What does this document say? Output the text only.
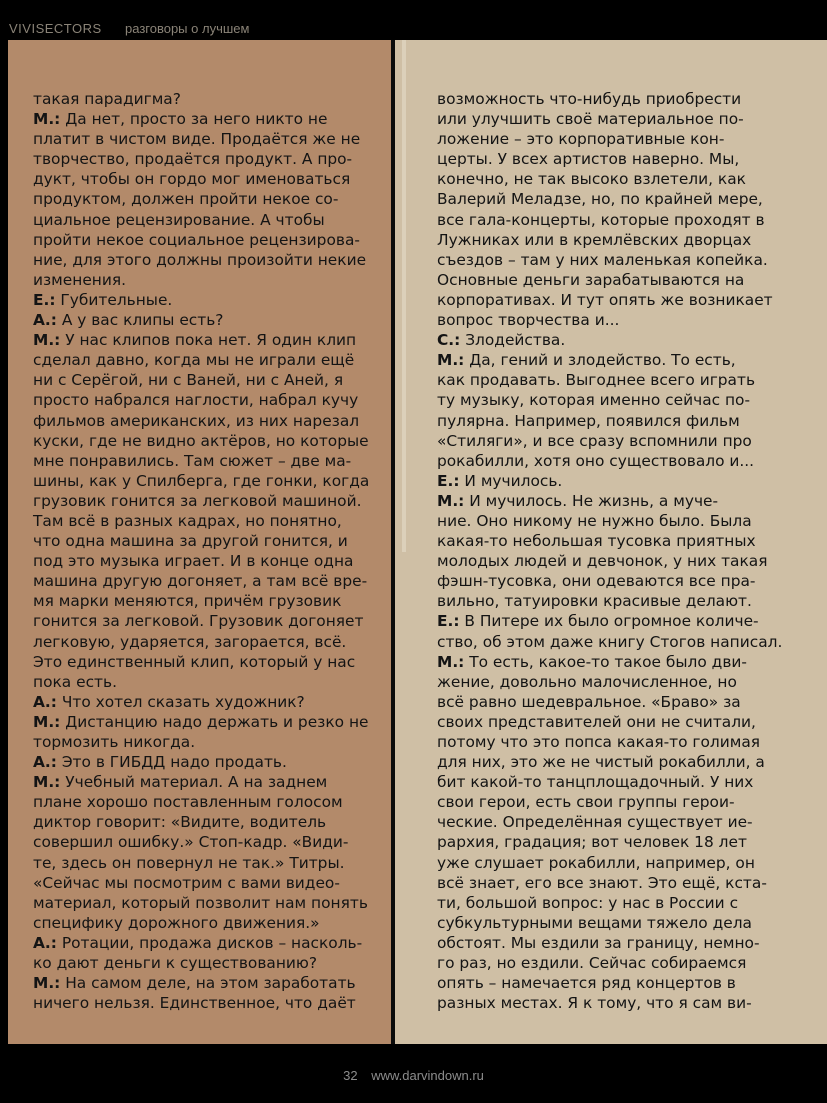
VIVISECTORS разговоры о лучшем
такая парадигма?
М.: Да нет, просто за него никто не
платит в чистом виде. Продаётся же не
творчество, продаётся продукт. А про-
дукт, чтобы он гордо мог именоваться
продуктом, должен пройти некое со-
циальное рецензирование. А чтобы
пройти некое социальное рецензирова-
ние, для этого должны произойти некие
изменения.
Е.: Губительные.
А.: А у вас клипы есть?
М.: У нас клипов пока нет. Я один клип
сделал давно, когда мы не играли ещё
ни с Серёгой, ни с Ваней, ни с Аней, я
просто набрался наглости, набрал кучу
фильмов американских, из них нарезал
куски, где не видно актёров, но которые
мне понравились. Там сюжет – две ма-
шины, как у Спилберга, где гонки, когда
грузовик гонится за легковой машиной.
Там всё в разных кадрах, но понятно,
что одна машина за другой гонится, и
под это музыка играет. И в конце одна
машина другую догоняет, а там всё вре-
мя марки меняются, причём грузовик
гонится за легковой. Грузовик догоняет
легковую, ударяется, загорается, всё.
Это единственный клип, который у нас
пока есть.
А.: Что хотел сказать художник?
М.: Дистанцию надо держать и резко не
тормозить никогда.
А.: Это в ГИБДД надо продать.
М.: Учебный материал. А на заднем
плане хорошо поставленным голосом
диктор говорит: «Видите, водитель
совершил ошибку.» Стоп-кадр. «Види-
те, здесь он повернул не так.» Титры.
«Сейчас мы посмотрим с вами видео-
материал, который позволит нам понять
специфику дорожного движения.»
А.: Ротации, продажа дисков – насколь-
ко дают деньги к существованию?
М.: На самом деле, на этом заработать
ничего нельзя. Единственное, что даёт
возможность что-нибудь приобрести
или улучшить своё материальное по-
ложение – это корпоративные кон-
церты. У всех артистов наверно. Мы,
конечно, не так высоко взлетели, как
Валерий Меладзе, но, по крайней мере,
все гала-концерты, которые проходят в
Лужниках или в кремлёвских дворцах
съездов – там у них маленькая копейка.
Основные деньги зарабатываются на
корпоративах. И тут опять же возникает
вопрос творчества и...
С.: Злодейства.
М.: Да, гений и злодейство. То есть,
как продавать. Выгоднее всего играть
ту музыку, которая именно сейчас по-
пулярна. Например, появился фильм
«Стиляги», и все сразу вспомнили про
рокабилли, хотя оно существовало и...
Е.: И мучилось.
М.: И мучилось. Не жизнь, а муче-
ние. Оно никому не нужно было. Была
какая-то небольшая тусовка приятных
молодых людей и девчонок, у них такая
фэшн-тусовка, они одеваются все пра-
вильно, татуировки красивые делают.
Е.: В Питере их было огромное количе-
ство, об этом даже книгу Стогов написал.
М.: То есть, какое-то такое было дви-
жение, довольно малочисленное, но
всё равно шедевральное. «Браво» за
своих представителей они не считали,
потому что это попса какая-то голимая
для них, это же не чистый рокабилли, а
бит какой-то танцплощадочный. У них
свои герои, есть свои группы герои-
ческие. Определённая существует ие-
рархия, градация; вот человек 18 лет
уже слушает рокабилли, например, он
всё знает, его все знают. Это ещё, кста-
ти, большой вопрос: у нас в России с
субкультурными вещами тяжело дела
обстоят. Мы ездили за границу, немно-
го раз, но ездили. Сейчас собираемся
опять – намечается ряд концертов в
разных местах. Я к тому, что я сам ви-
32 www.darvindown.ru
